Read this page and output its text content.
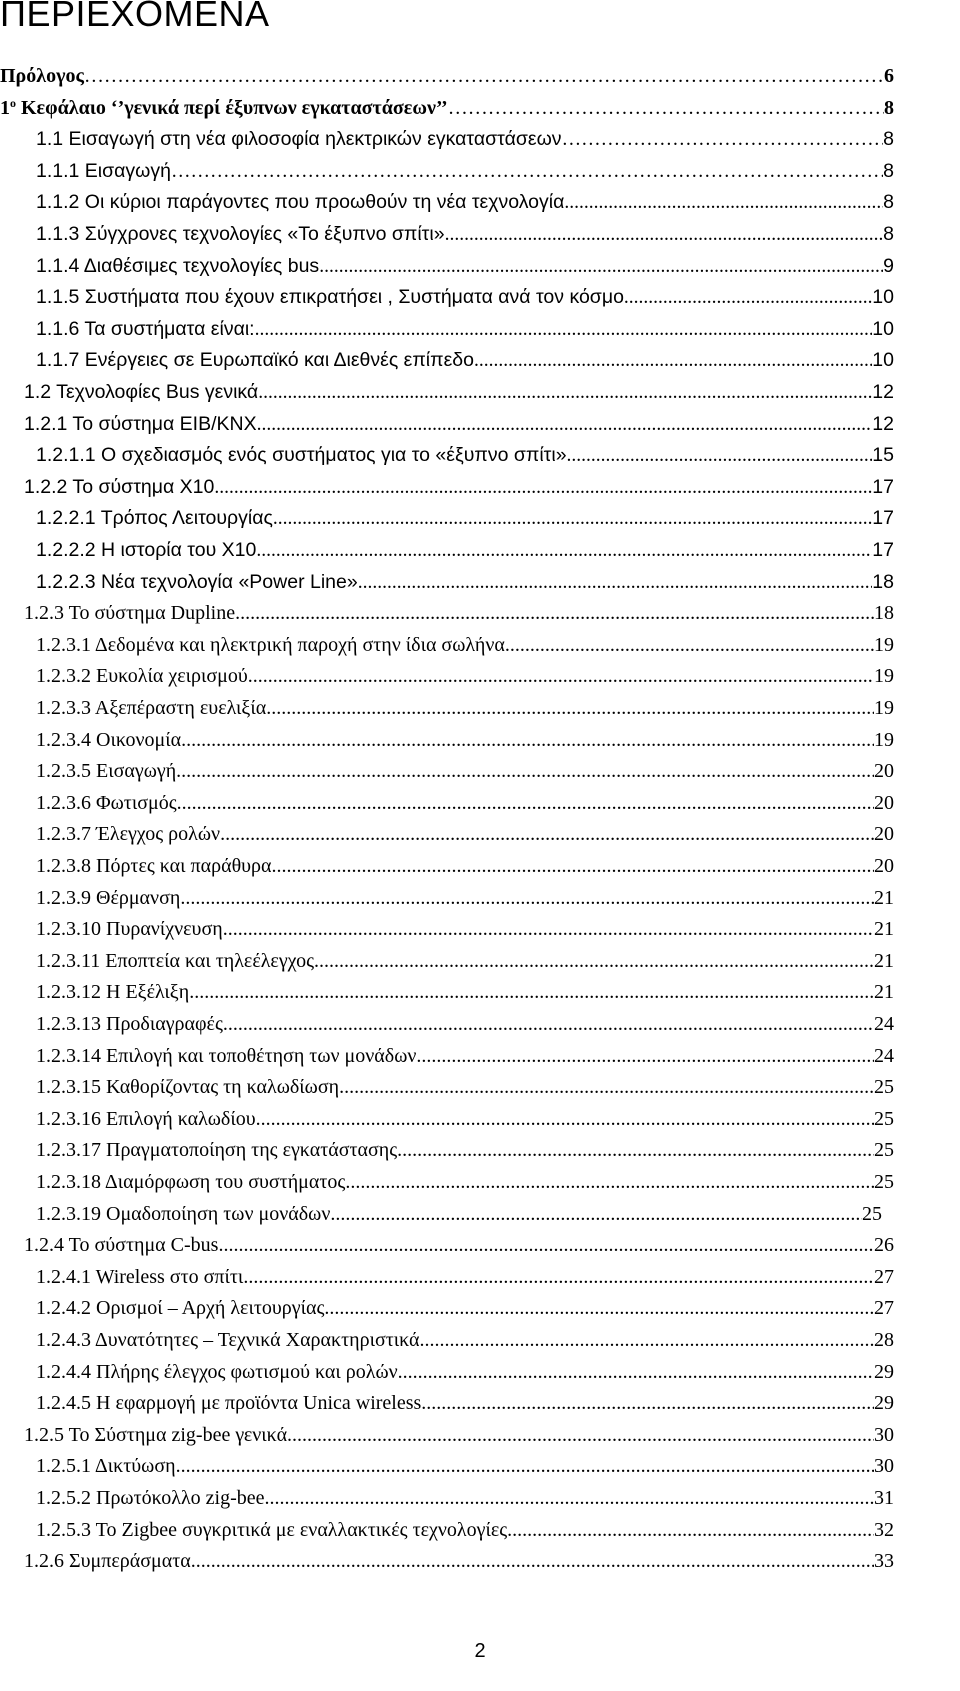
ΠΕΡΙΕΧΟΜΕΝΑ
Πρόλογος ……………………………………………………………………………………………………………………………………………………………………………………	6
$1^o$ Κεφάλαιο ‘’γενικά περί έξυπνων εγκαταστάσεων’’ ……………………………………………………………………………………………………………………………………………………………………………………	8
1.1 Εισαγωγή στη νέα φιλοσοφία ηλεκτρικών εγκαταστάσεων ……………………………………………………………………………………………………………………………………………………………………………………	8
1.1.1 Εισαγωγή ……………………………………………………………………………………………………………………………………………………………………………………	8
1.1.2 Οι κύριοι παράγοντες που προωθούν τη νέα τεχνολογία .....	8
1.1.3 Σύγχρονες τεχνολογίες «Το έξυπνο σπίτι» .....	8
1.1.4 Διαθέσιμες τεχνολογίες bus .....	9
1.1.5 Συστήματα που έχουν επικρατήσει , Συστήματα ανά τον κόσμο .....	10
1.1.6 Τα συστήματα είναι: .....	10
1.1.7 Ενέργειες σε Ευρωπαϊκό και Διεθνές επίπεδο .....	10
1.2 Τεχνολοφίες Bus γενικά .....	12
1.2.1 Το σύστημα EIB/KNX .....	12
1.2.1.1 Ο σχεδιασμός ενός συστήματος για το «έξυπνο σπίτι» .....	15
1.2.2 Το σύστημα Χ10 .....	17
1.2.2.1 Τρόπος Λειτουργίας .....	17
1.2.2.2 Η ιστορία του Χ10 .....	17
1.2.2.3 Νέα τεχνολογία «Power Line» .....	18
1.2.3 Το σύστημα Dupline .....	18
1.2.3.1 Δεδομένα και ηλεκτρική παροχή στην ίδια σωλήνα .....	19
1.2.3.2 Ευκολία χειρισμού .....	19
1.2.3.3 Αξεπέραστη ευελιξία .....	19
1.2.3.4 Οικονομία .....	19
1.2.3.5 Εισαγωγή .....	20
1.2.3.6 Φωτισμός .....	20
1.2.3.7 Έλεγχος ρολών .....	20
1.2.3.8 Πόρτες και παράθυρα .....	20
1.2.3.9 Θέρμανση .....	21
1.2.3.10 Πυρανίχνευση .....	21
1.2.3.11 Εποπτεία και τηλεέλεγχος .....	21
1.2.3.12 Η Εξέλιξη .....	21
1.2.3.13 Προδιαγραφές .....	24
1.2.3.14 Επιλογή και τοποθέτηση των μονάδων .....	24
1.2.3.15 Καθορίζοντας τη καλωδίωση .....	25
1.2.3.16 Επιλογή καλωδίου .....	25
1.2.3.17 Πραγματοποίηση της εγκατάστασης .....	25
1.2.3.18 Διαμόρφωση του συστήματος .....	25
1.2.3.19 Ομαδοποίηση των μονάδων .....	25
1.2.4 Το σύστημα C-bus .....	26
1.2.4.1 Wireless στο σπίτι .....	27
1.2.4.2 Ορισμοί – Αρχή λειτουργίας .....	27
1.2.4.3 Δυνατότητες – Τεχνικά Χαρακτηριστικά .....	28
1.2.4.4 Πλήρης έλεγχος φωτισμού και ρολών .....	29
1.2.4.5 Η εφαρμογή με προϊόντα Unica wireless .....	29
1.2.5 Το Σύστημα zig-bee γενικά .....	30
1.2.5.1 Δικτύωση .....	30
1.2.5.2 Πρωτόκολλο zig-bee .....	31
1.2.5.3 Το Zigbee συγκριτικά με εναλλακτικές τεχνολογίες .....	32
1.2.6 Συμπεράσματα .....	33
2
